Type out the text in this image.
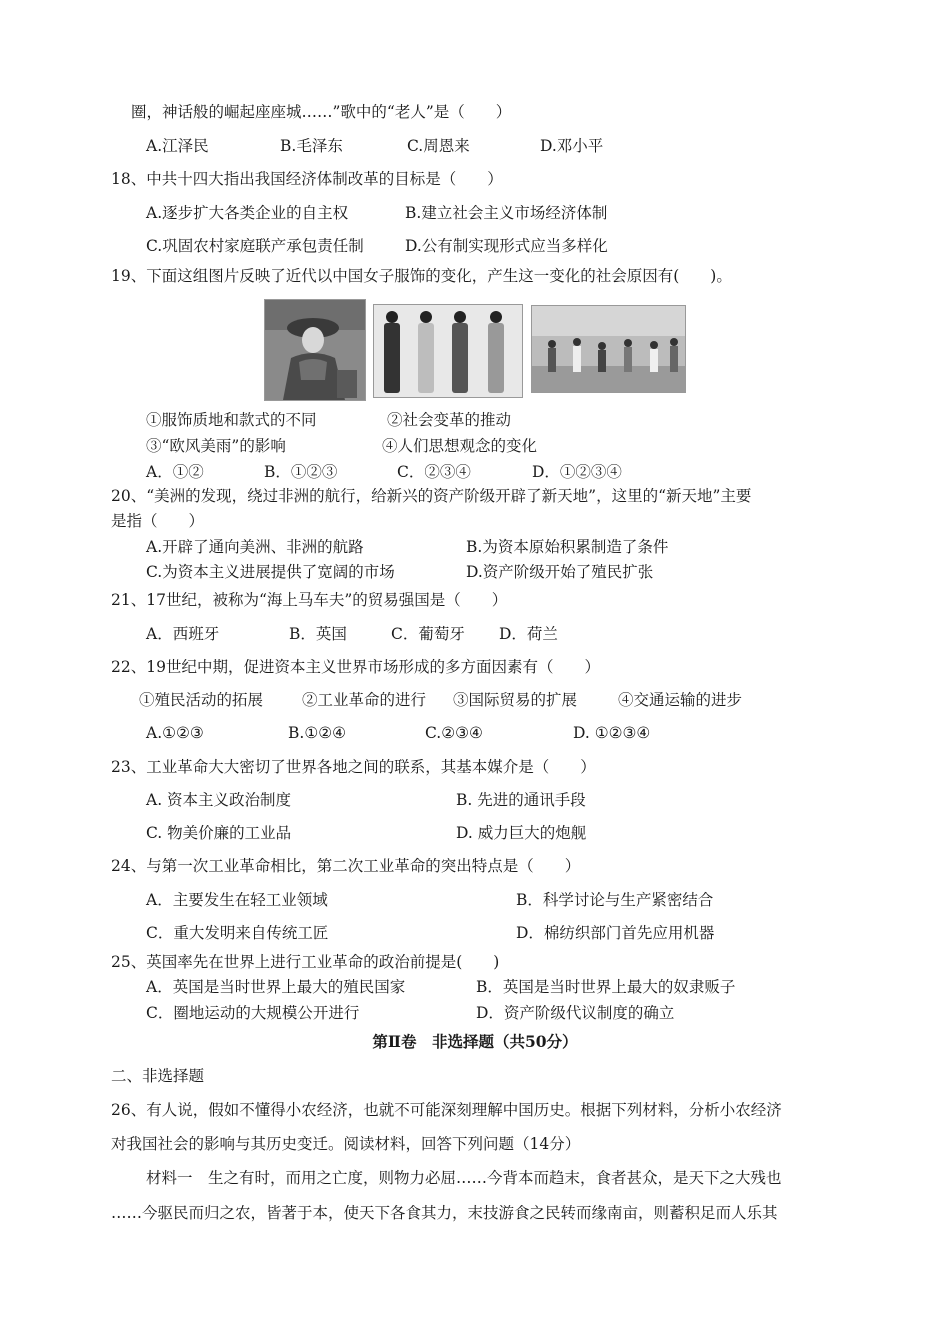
圈，神话般的崛起座座城……”歌中的“老人”是（　　）
A.江泽民	B.毛泽东	C.周恩来	D.邓小平
18、中共十四大指出我国经济体制改革的目标是（　　）
A.逐步扩大各类企业的自主权	B.建立社会主义市场经济体制
C.巩固农村家庭联产承包责任制	D.公有制实现形式应当多样化
19、下面这组图片反映了近代以中国女子服饰的变化，产生这一变化的社会原因有(　　)。
①服饰质地和款式的不同	②社会变革的推动
③“欧风美雨”的影响	④人们思想观念的变化
A．①②	B．①②③	C．②③④	D．①②③④
20、“美洲的发现，绕过非洲的航行，给新兴的资产阶级开辟了新天地”，这里的“新天地”主要
是指（　　）
A.开辟了通向美洲、非洲的航路	B.为资本原始积累制造了条件
C.为资本主义进展提供了宽阔的市场	D.资产阶级开始了殖民扩张
21、17世纪，被称为“海上马车夫”的贸易强国是（　　）
A．西班牙	B．英国	C．葡萄牙 D．荷兰
22、19世纪中期，促进资本主义世界市场形成的多方面因素有（　　）
①殖民活动的拓展	②工业革命的进行 ③国际贸易的扩展	④交通运输的进步
A.①②③	B.①②④	C.②③④	D. ①②③④
23、工业革命大大密切了世界各地之间的联系，其基本媒介是（　　）
A. 资本主义政治制度	B. 先进的通讯手段
C. 物美价廉的工业品	D. 威力巨大的炮舰
24、与第一次工业革命相比，第二次工业革命的突出特点是（　　）
A．主要发生在轻工业领域	B．科学讨论与生产紧密结合
C．重大发明来自传统工匠	D．棉纺织部门首先应用机器
25、英国率先在世界上进行工业革命的政治前提是(　　)
A．英国是当时世界上最大的殖民国家	B．英国是当时世界上最大的奴隶贩子
C．圈地运动的大规模公开进行	D．资产阶级代议制度的确立
第Ⅱ卷　非选择题（共50分）
二、非选择题
26、有人说，假如不懂得小农经济，也就不可能深刻理解中国历史。根据下列材料，分析小农经济
对我国社会的影响与其历史变迁。阅读材料，回答下列问题（14分）
材料一　生之有时，而用之亡度，则物力必屈……今背本而趋末，食者甚众，是天下之大残也
……今驱民而归之农，皆著于本，使天下各食其力，末技游食之民转而缘南亩，则蓄积足而人乐其
